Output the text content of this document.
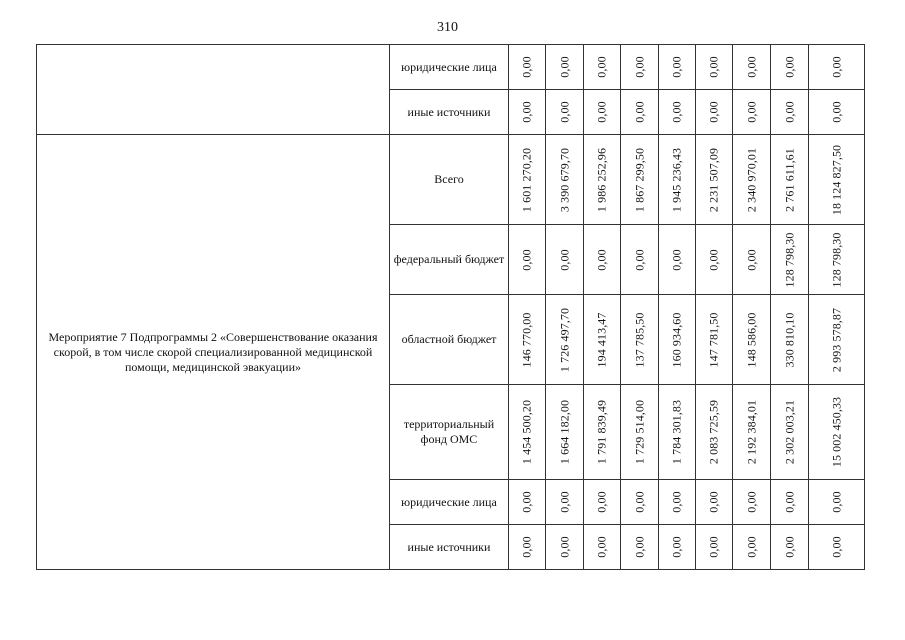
310
	юридические лица	0,00	0,00	0,00	0,00	0,00	0,00	0,00	0,00	0,00

	иные источники	0,00	0,00	0,00	0,00	0,00	0,00	0,00	0,00	0,00

Мероприятие 7 Подпрограммы 2 «Совершенствование оказания скорой, в том числе скорой специализированной медицинской помощи, медицинской эвакуации»	Всего	1 601 270,20	3 390 679,70	1 986 252,96	1 867 299,50	1 945 236,43	2 231 507,09	2 340 970,01	2 761 611,61	18 124 827,50

	федеральный бюджет	0,00	0,00	0,00	0,00	0,00	0,00	0,00	128 798,30	128 798,30

	областной бюджет	146 770,00	1 726 497,70	194 413,47	137 785,50	160 934,60	147 781,50	148 586,00	330 810,10	2 993 578,87

	территориальный фонд ОМС	1 454 500,20	1 664 182,00	1 791 839,49	1 729 514,00	1 784 301,83	2 083 725,59	2 192 384,01	2 302 003,21	15 002 450,33

	юридические лица	0,00	0,00	0,00	0,00	0,00	0,00	0,00	0,00	0,00

	иные источники	0,00	0,00	0,00	0,00	0,00	0,00	0,00	0,00	0,00
